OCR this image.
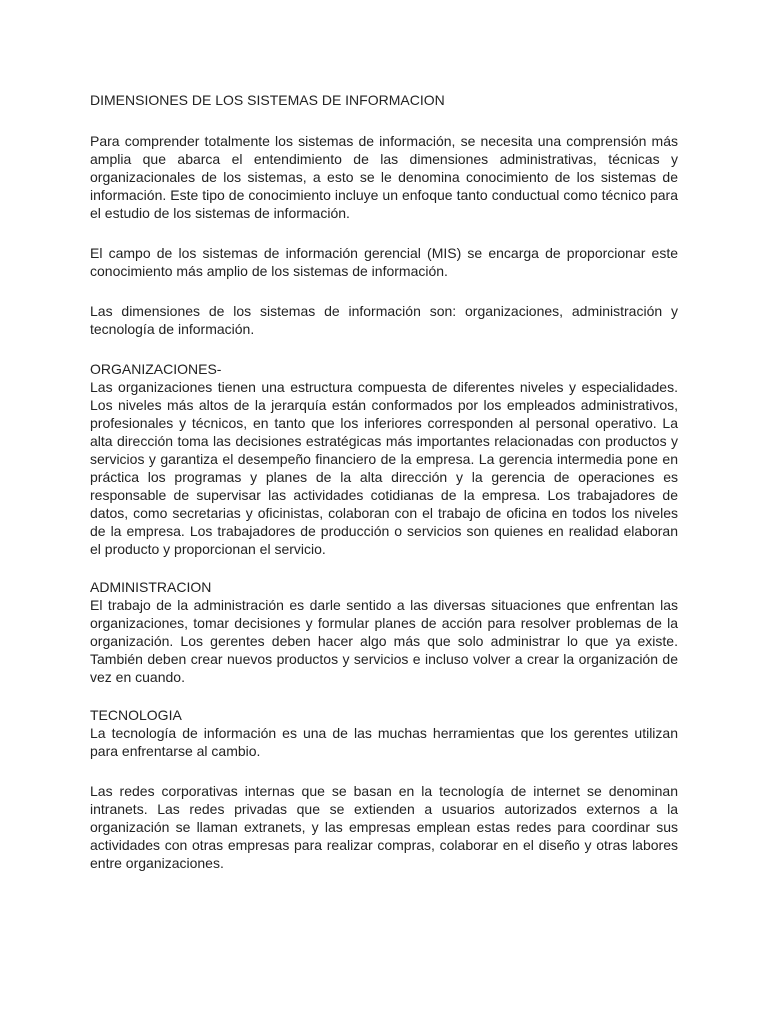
DIMENSIONES DE LOS SISTEMAS DE INFORMACION

Para comprender totalmente los sistemas de información, se necesita una comprensión más amplia que abarca el entendimiento de las dimensiones administrativas, técnicas y organizacionales de los sistemas, a esto se le denomina conocimiento de los sistemas de información. Este tipo de conocimiento incluye un enfoque tanto conductual como técnico para el estudio de los sistemas de información.

El campo de los sistemas de información gerencial (MIS) se encarga de proporcionar este conocimiento más amplio de los sistemas de información.

Las dimensiones de los sistemas de información son: organizaciones, administración y tecnología de información.

ORGANIZACIONES-

Las organizaciones tienen una estructura compuesta de diferentes niveles y especialidades. Los niveles más altos de la jerarquía están conformados por los empleados administrativos, profesionales y técnicos, en tanto que los inferiores corresponden al personal operativo. La alta dirección toma las decisiones estratégicas más importantes relacionadas con productos y servicios y garantiza el desempeño financiero de la empresa. La gerencia intermedia pone en práctica los programas y planes de la alta dirección y la gerencia de operaciones es responsable de supervisar las actividades cotidianas de la empresa. Los trabajadores de datos, como secretarias y oficinistas, colaboran con el trabajo de oficina en todos los niveles de la empresa. Los trabajadores de producción o servicios son quienes en realidad elaboran el producto y proporcionan el servicio.

ADMINISTRACION

El trabajo de la administración es darle sentido a las diversas situaciones que enfrentan las organizaciones, tomar decisiones y formular planes de acción para resolver problemas de la organización. Los gerentes deben hacer algo más que solo administrar lo que ya existe. También deben crear nuevos productos y servicios e incluso volver a crear la organización de vez en cuando.

TECNOLOGIA

La tecnología de información es una de las muchas herramientas que los gerentes utilizan para enfrentarse al cambio.

Las redes corporativas internas que se basan en la tecnología de internet se denominan intranets. Las redes privadas que se extienden a usuarios autorizados externos a la organización se llaman extranets, y las empresas emplean estas redes para coordinar sus actividades con otras empresas para realizar compras, colaborar en el diseño y otras labores entre organizaciones.
